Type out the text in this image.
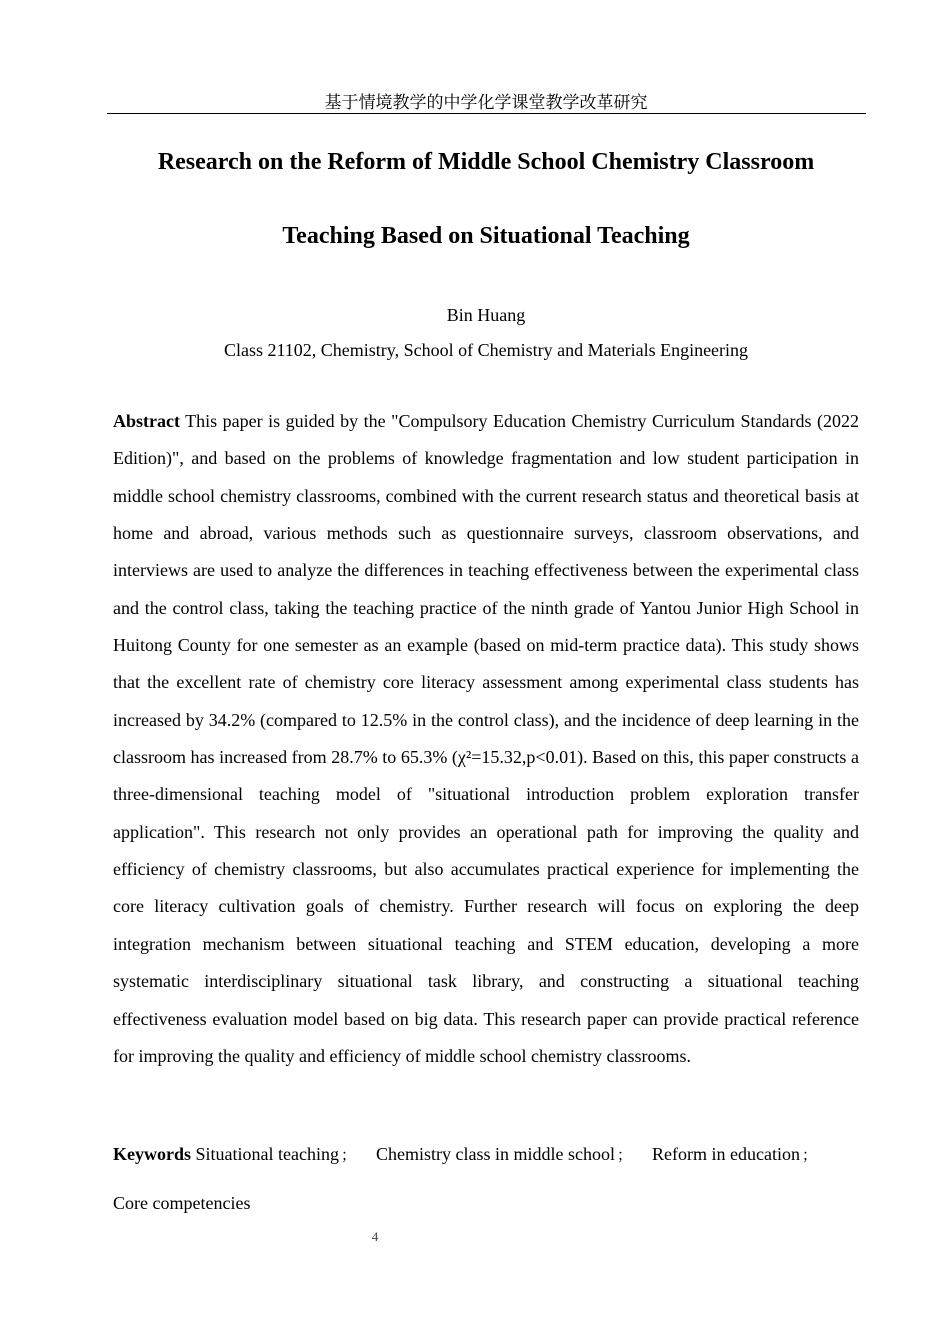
基于情境教学的中学化学课堂教学改革研究
Research on the Reform of Middle School Chemistry Classroom
Teaching Based on Situational Teaching
Bin Huang
Class 21102, Chemistry, School of Chemistry and Materials Engineering

Abstract This paper is guided by the "Compulsory Education Chemistry Curriculum Standards (2022 Edition)", and based on the problems of knowledge fragmentation and low student participation in middle school chemistry classrooms, combined with the current research status and theoretical basis at home and abroad, various methods such as questionnaire surveys, classroom observations, and interviews are used to analyze the differences in teaching effectiveness between the experimental class and the control class, taking the teaching practice of the ninth grade of Yantou Junior High School in Huitong County for one semester as an example (based on mid-term practice data). This study shows that the excellent rate of chemistry core literacy assessment among experimental class students has increased by 34.2% (compared to 12.5% in the control class), and the incidence of deep learning in the classroom has increased from 28.7% to 65.3% (χ²=15.32,p<0.01). Based on this, this paper constructs a three-dimensional teaching model of "situational introduction problem exploration transfer application". This research not only provides an operational path for improving the quality and efficiency of chemistry classrooms, but also accumulates practical experience for implementing the core literacy cultivation goals of chemistry. Further research will focus on exploring the deep integration mechanism between situational teaching and STEM education, developing a more systematic interdisciplinary situational task library, and constructing a situational teaching effectiveness evaluation model based on big data. This research paper can provide practical reference for improving the quality and efficiency of middle school chemistry classrooms.

Keywords Situational teaching ； Chemistry class in middle school ； Reform in education ；
Core competencies

4
